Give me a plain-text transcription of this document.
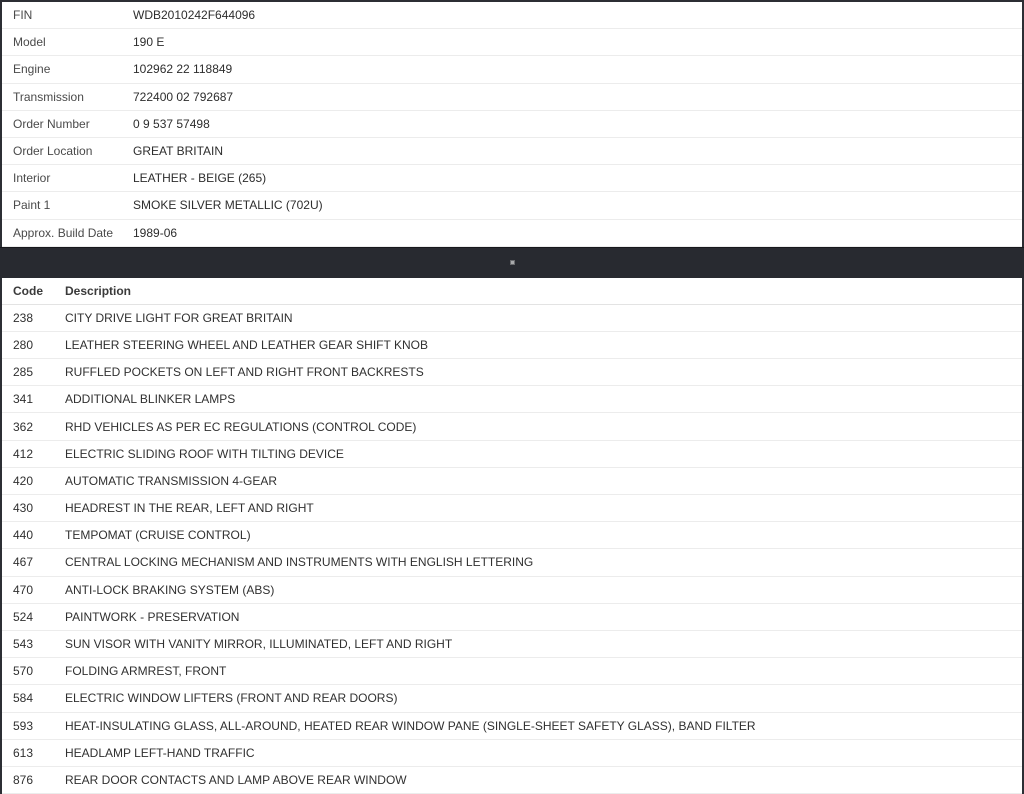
FIN	WDB2010242F644096
Model	190 E
Engine	102962 22 118849
Transmission	722400 02 792687
Order Number	0 9 537 57498
Order Location	GREAT BRITAIN
Interior	LEATHER - BEIGE (265)
Paint 1	SMOKE SILVER METALLIC (702U)
Approx. Build Date	1989-06
Code	Description
238	CITY DRIVE LIGHT FOR GREAT BRITAIN
280	LEATHER STEERING WHEEL AND LEATHER GEAR SHIFT KNOB
285	RUFFLED POCKETS ON LEFT AND RIGHT FRONT BACKRESTS
341	ADDITIONAL BLINKER LAMPS
362	RHD VEHICLES AS PER EC REGULATIONS (CONTROL CODE)
412	ELECTRIC SLIDING ROOF WITH TILTING DEVICE
420	AUTOMATIC TRANSMISSION 4-GEAR
430	HEADREST IN THE REAR, LEFT AND RIGHT
440	TEMPOMAT (CRUISE CONTROL)
467	CENTRAL LOCKING MECHANISM AND INSTRUMENTS WITH ENGLISH LETTERING
470	ANTI-LOCK BRAKING SYSTEM (ABS)
524	PAINTWORK - PRESERVATION
543	SUN VISOR WITH VANITY MIRROR, ILLUMINATED, LEFT AND RIGHT
570	FOLDING ARMREST, FRONT
584	ELECTRIC WINDOW LIFTERS (FRONT AND REAR DOORS)
593	HEAT-INSULATING GLASS, ALL-AROUND, HEATED REAR WINDOW PANE (SINGLE-SHEET SAFETY GLASS), BAND FILTER
613	HEADLAMP LEFT-HAND TRAFFIC
876	REAR DOOR CONTACTS AND LAMP ABOVE REAR WINDOW
